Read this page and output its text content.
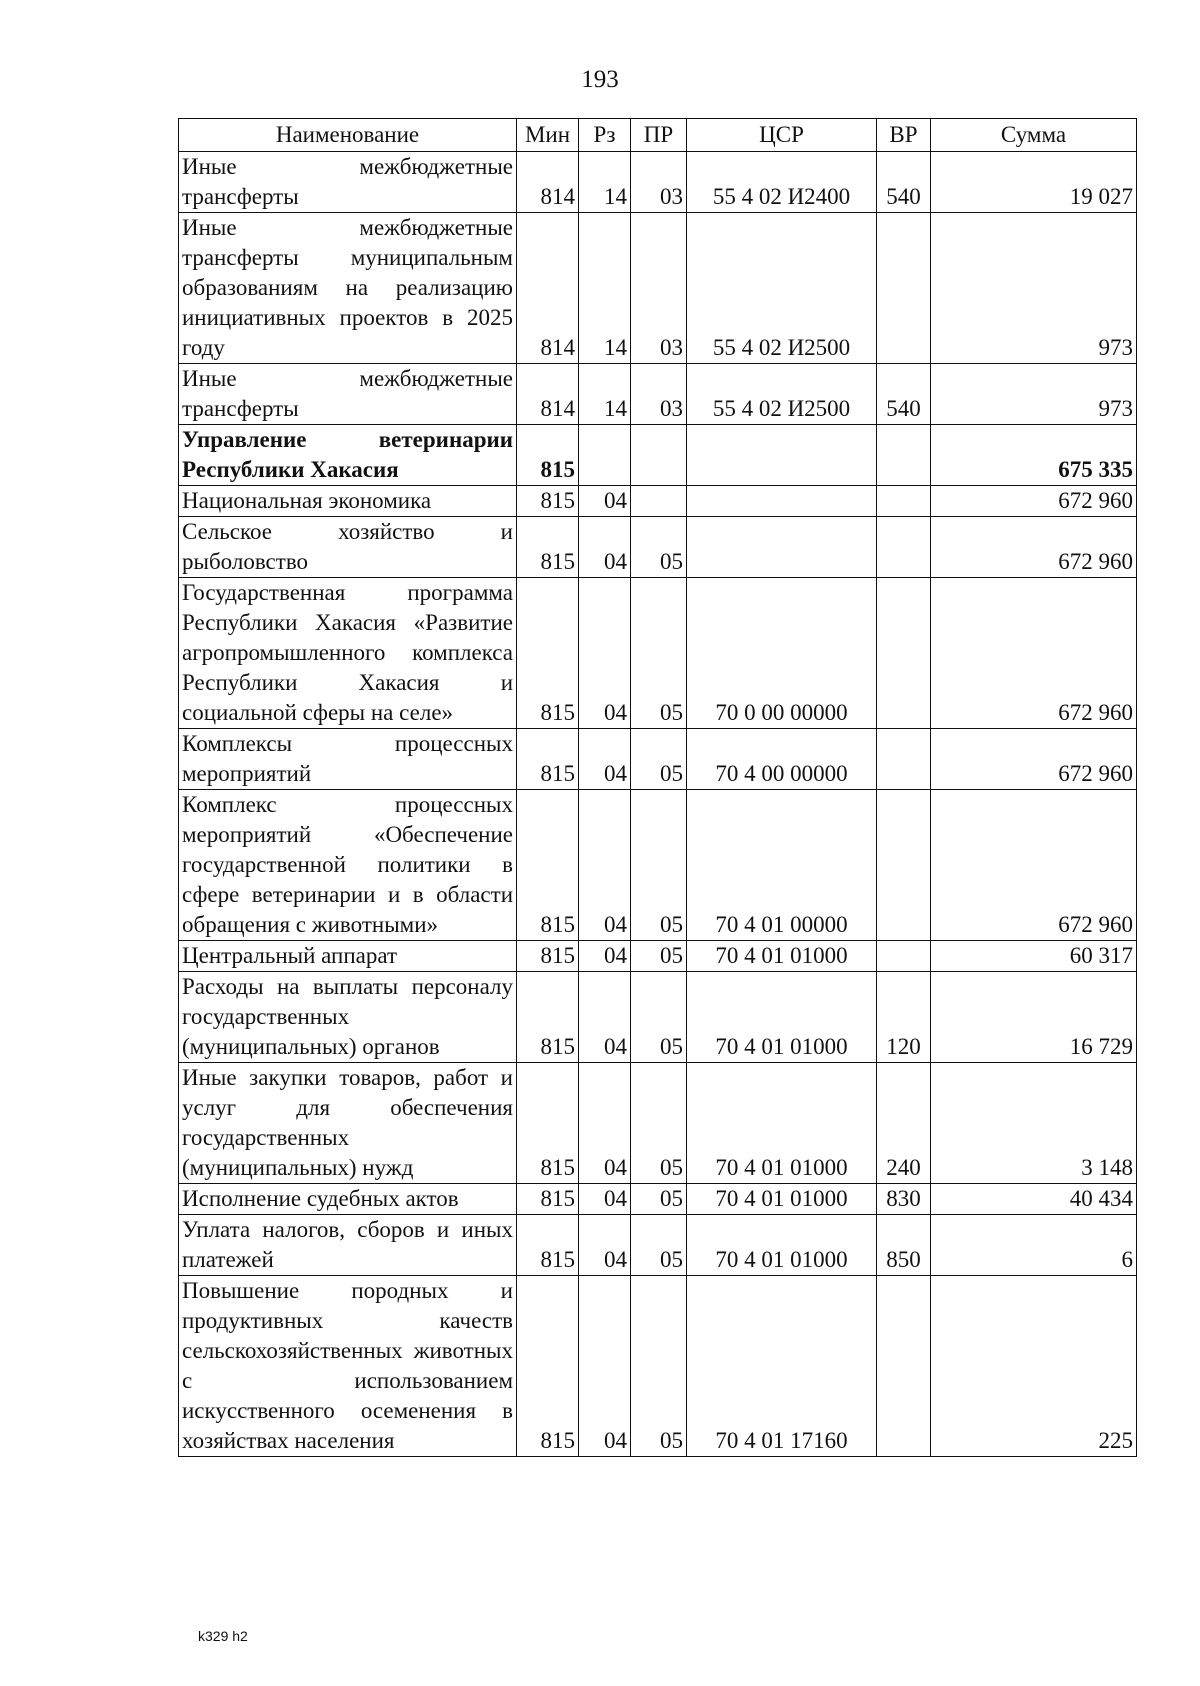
193
Наименование	Мин	Рз	ПР	ЦСР	ВР	Сумма
Иные межбюджетные трансферты	814	14	03	55 4 02 И2400	540	19 027
Иные межбюджетные трансферты муниципальным образованиям на реализацию инициативных проектов в 2025 году	814	14	03	55 4 02 И2500		973
Иные межбюджетные трансферты	814	14	03	55 4 02 И2500	540	973
Управление ветеринарии Республики Хакасия	815					675 335
Национальная экономика	815	04				672 960
Сельское хозяйство и рыболовство	815	04	05			672 960
Государственная программа Республики Хакасия «Развитие агропромышленного комплекса Республики Хакасия и социальной сферы на селе»	815	04	05	70 0 00 00000		672 960
Комплексы процессных мероприятий	815	04	05	70 4 00 00000		672 960
Комплекс процессных мероприятий «Обеспечение государственной политики в сфере ветеринарии и в области обращения с животными»	815	04	05	70 4 01 00000		672 960
Центральный аппарат	815	04	05	70 4 01 01000		60 317
Расходы на выплаты персоналу государственных (муниципальных) органов	815	04	05	70 4 01 01000	120	16 729
Иные закупки товаров, работ и услуг для обеспечения государственных (муниципальных) нужд	815	04	05	70 4 01 01000	240	3 148
Исполнение судебных актов	815	04	05	70 4 01 01000	830	40 434
Уплата налогов, сборов и иных платежей	815	04	05	70 4 01 01000	850	6
Повышение породных и продуктивных качеств сельскохозяйственных животных с использованием искусственного осеменения в хозяйствах населения	815	04	05	70 4 01 17160		225
k329 h2
